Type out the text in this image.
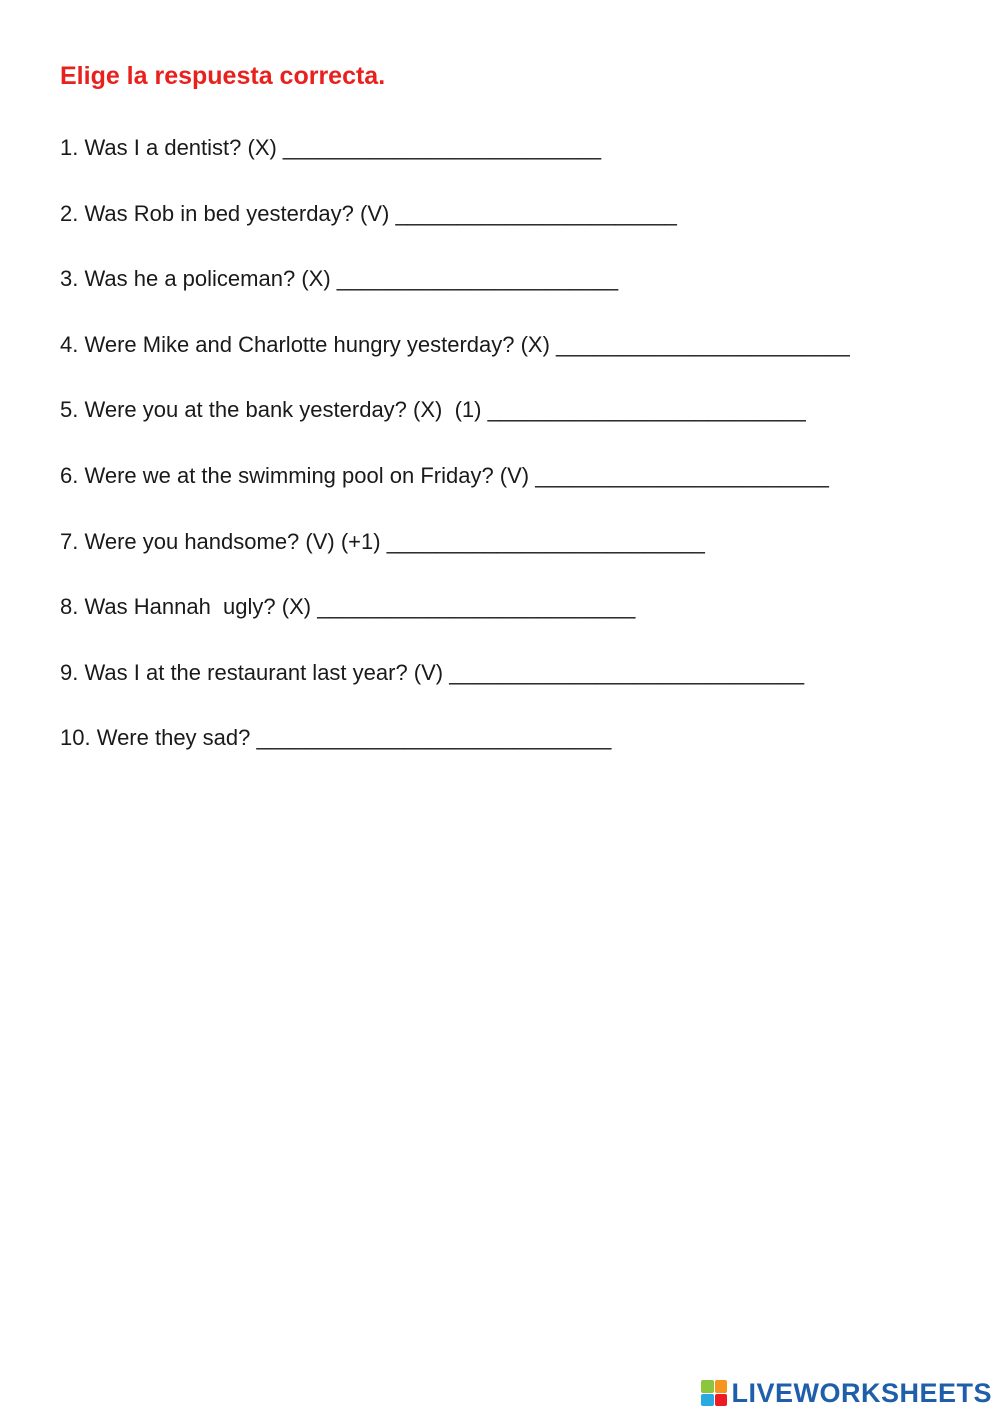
Elige la respuesta correcta.
1. Was I a dentist? (X) __________________________
2. Was Rob in bed yesterday? (V) _______________________
3. Was he a policeman? (X) _______________________
4. Were Mike and Charlotte hungry yesterday? (X) ________________________
5. Were you at the bank yesterday? (X)  (1) __________________________
6. Were we at the swimming pool on Friday? (V) ________________________
7. Were you handsome? (V) (+1) __________________________
8. Was Hannah  ugly? (X) __________________________
9. Was I at the restaurant last year? (V) _____________________________
10. Were they sad? _____________________________
LIVEWORKSHEETS
